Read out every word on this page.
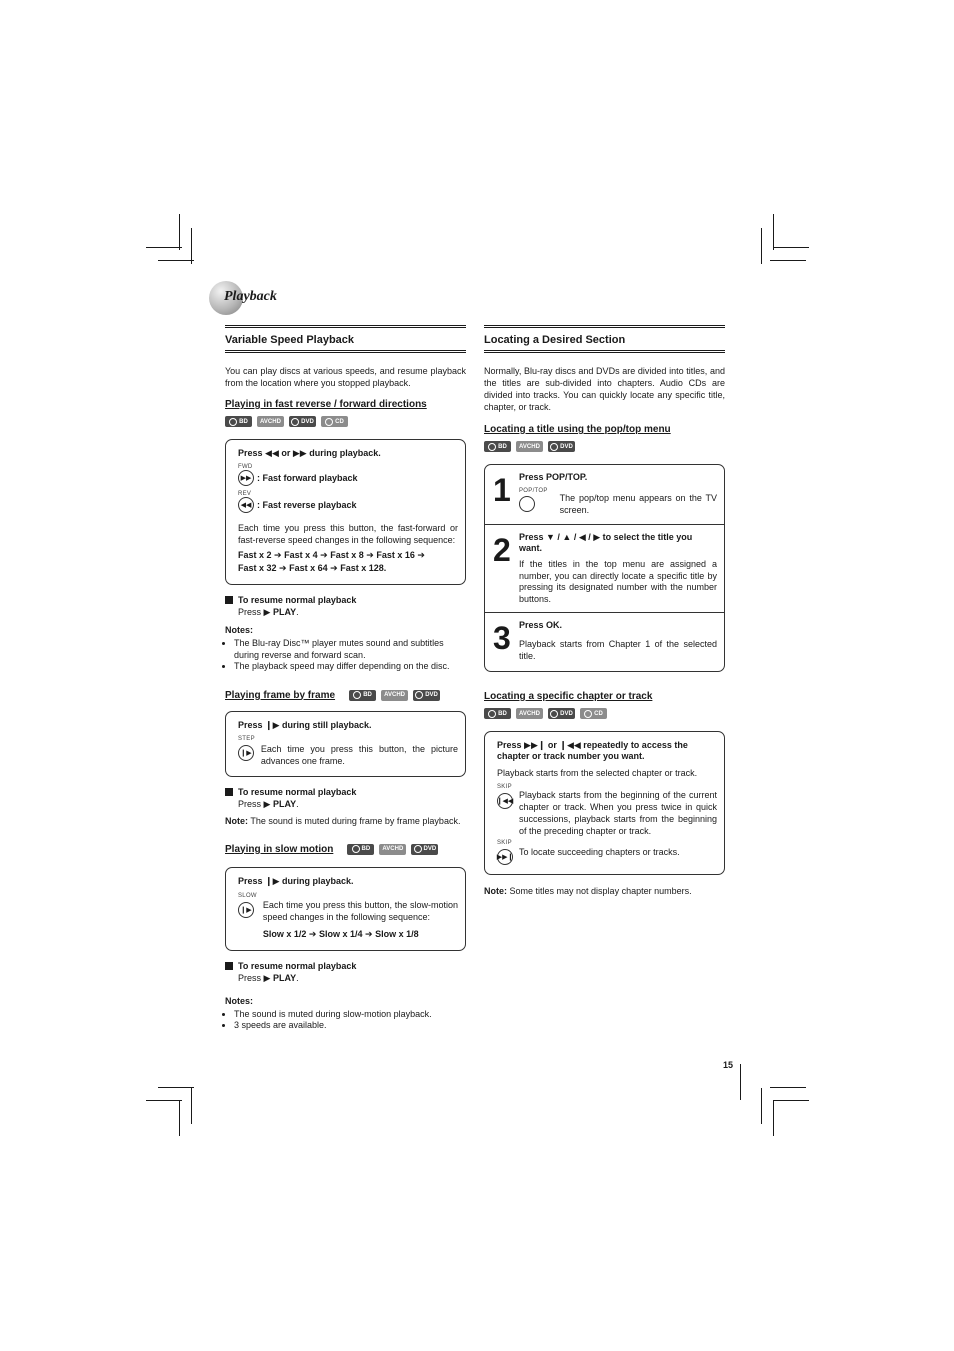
Playback
Variable Speed Playback

You can play discs at various speeds, and resume playback from the location where you stopped playback.

Playing in fast reverse / forward directions
BD AVCHD	DVD	CD
Press ◀◀ or ▶▶ during playback.
FWD
▶▶ : Fast forward playback
REV
◀◀ : Fast reverse playback

Each time you press this button, the fast-forward or fast-reverse speed changes in the following sequence:

Fast x 2 ➔ Fast x 4 ➔ Fast x 8 ➔ Fast x 16 ➔
Fast x 32 ➔ Fast x 64 ➔ Fast x 128.
To resume normal playback
Press ▶ PLAY.
Notes:
• The Blu-ray Disc™ player mutes sound and subtitles during reverse and forward scan.
• The playback speed may differ depending on the disc.
Playing frame by frame	BD AVCHD	DVD
Press ❙▶ during still playback.
STEP
❙▶	Each time you press this button, the picture advances one frame.

To resume normal playback
Press ▶ PLAY.
Note: The sound is muted during frame by frame playback.
Playing in slow motion	BD AVCHD	DVD
Press ❙▶ during playback.
SLOW
❙▶

Each time you press this button, the slow-motion speed changes in the following sequence:

Slow x 1/2 ➔ Slow x 1/4 ➔ Slow x 1/8
To resume normal playback
Press ▶ PLAY.
Notes:
• The sound is muted during slow-motion playback.
• 3 speeds are available.
Locating a Desired Section

Normally, Blu-ray discs and DVDs are divided into titles, and the titles are sub-divided into chapters. Audio CDs are divided into tracks. You can quickly locate any specific title, chapter, or track.

Locating a title using the pop/top menu
BD AVCHD	DVD
1 Press POP/TOP.
POP/TOP

The pop/top menu appears on the TV screen.

2 Press ▼ / ▲ / ◀ / ▶ to select the title you want.

If the titles in the top menu are assigned a number, you can directly locate a specific title by pressing its designated number with the number buttons.

3 Press OK.

Playback starts from Chapter 1 of the selected title.

Locating a specific chapter or track
BD AVCHD	DVD	CD
Press ▶▶❙ or ❙◀◀ repeatedly to access the chapter or track number you want.

Playback starts from the selected chapter or track.

SKIP
❙◀◀

Playback starts from the beginning of the current chapter or track. When you press twice in quick successions, playback starts from the beginning of the preceding chapter or track.

SKIP
▶▶❙

To locate succeeding chapters or tracks.

Note: Some titles may not display chapter numbers.
15
